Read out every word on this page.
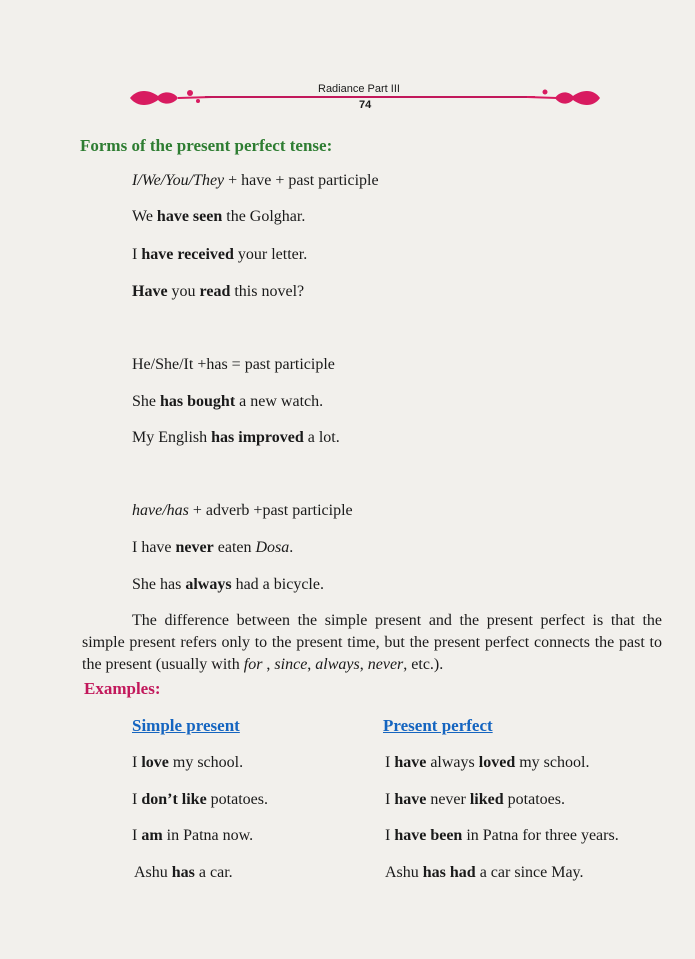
Radiance Part III
74
Forms of the present perfect tense:
I/We/You/They + have + past participle
We have seen the Golghar.
I have received your letter.
Have you read this novel?
He/She/It +has = past participle
She has bought a new watch.
My English has improved a lot.
have/has + adverb +past participle
I have never eaten Dosa.
She has always had a bicycle.
The difference between the simple present and the present perfect is that the simple present refers only to the present time, but the present perfect connects the past to the present (usually with for , since, always, never, etc.).
Examples:
Simple present	Present perfect
I love my school.	I have always loved my school.
I don’t like potatoes.	I have never liked potatoes.
I am in Patna now.	I have been in Patna for three years.
Ashu has a car.	Ashu has had a car since May.
